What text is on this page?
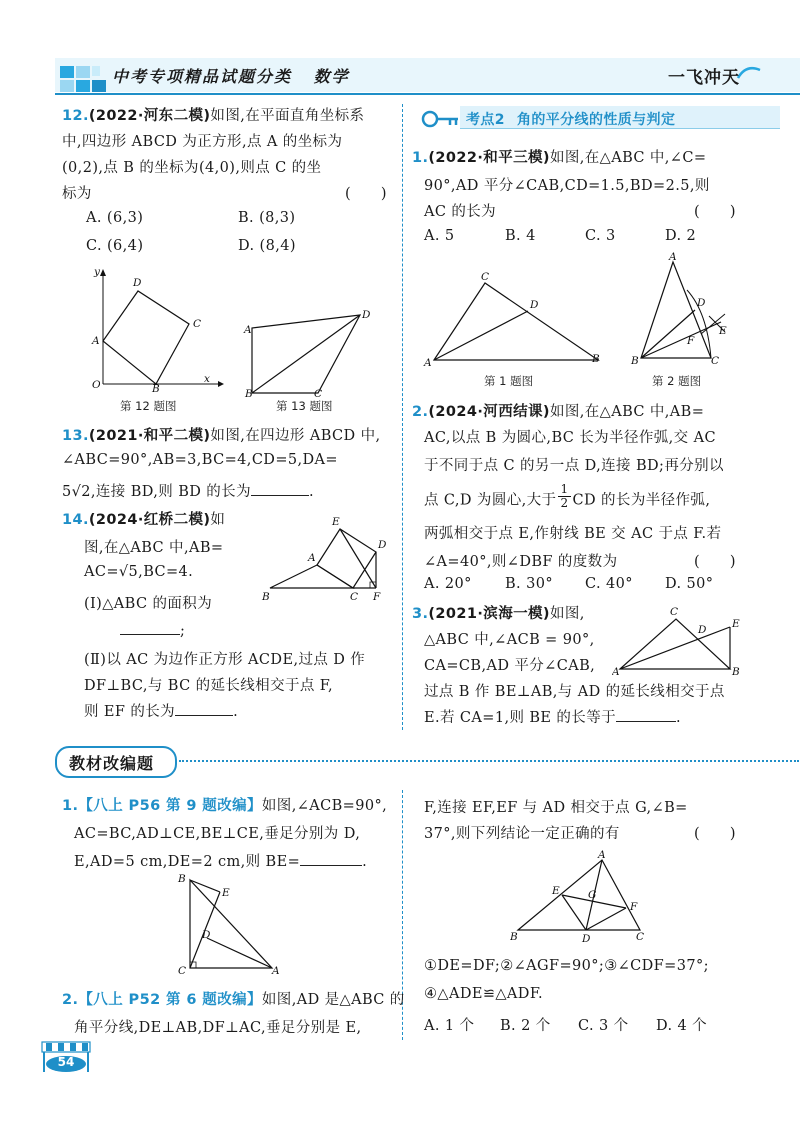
中考专项精品试题分类 数学	一飞冲天
12.(2022·河东二模)如图,在平面直角坐标系
中,四边形 ABCD 为正方形,点 A 的坐标为
(0,2),点 B 的坐标为(4,0),则点 C 的坐
标为	(　　)
A. (6,3)	B. (8,3)
C. (6,4)	D. (8,4)
y
x
O
A
B
C
D
第 12 题图
A
B	C
D
第 13 题图
13.(2021·和平二模)如图,在四边形 ABCD 中,
∠ABC=90°,AB=3,BC=4,CD=5,DA=
5√2,连接 BD,则 BD 的长为	.
14.(2024·红桥二模)如
图,在△ABC 中,AB=
AC=√5,BC=4.
(Ⅰ)△ABC 的面积为
;
(Ⅱ)以 AC 为边作正方形 ACDE,过点 D 作
DF⊥BC,与 BC 的延长线相交于点 F,
则 EF 的长为	.
B
A
C
D
E
F
考点2 角的平分线的性质与判定
1.(2022·和平三模)如图,在△ABC 中,∠C=
90°,AD 平分∠CAB,CD=1.5,BD=2.5,则
AC 的长为	(　　)
A. 5	B. 4	C. 3	D. 2
A	B
C
D
第 1 题图
A
B	C
D
E
F
第 2 题图
2.(2024·河西结课)如图,在△ABC 中,AB=
AC,以点 B 为圆心,BC 长为半径作弧,交 AC
于不同于点 C 的另一点 D,连接 BD;再分别以
点 C,D 为圆心,大于 $\frac{1}{2}$ CD 的长为半径作弧,
两弧相交于点 E,作射线 BE 交 AC 于点 F.若
∠A=40°,则∠DBF 的度数为	(　　)
A. 20° B. 30° C. 40° D. 50°
3.(2021·滨海一模)如图,
△ABC 中,∠ACB = 90°,
CA=CB,AD 平分∠CAB,
过点 B 作 BE⊥AB,与 AD 的延长线相交于点
E.若 CA=1,则 BE 的长等于	.
A	B
C
D E
教材改编题
1.【八上 P56 第 9 题改编】如图,∠ACB=90°,
AC=BC,AD⊥CE,BE⊥CE,垂足分别为 D,
E,AD=5 cm,DE=2 cm,则 BE=	.
B
E
D
C	A
2.【八上 P52 第 6 题改编】如图,AD 是△ABC 的
角平分线,DE⊥AB,DF⊥AC,垂足分别是 E,
F,连接 EF,EF 与 AD 相交于点 G,∠B=
37°,则下列结论一定正确的有	(　　)
①DE=DF;②∠AGF=90°;③∠CDF=37°;
④△ADE≌△ADF.
A. 1 个 B. 2 个 C. 3 个 D. 4 个
B
A
E	G
F
D	C
54
